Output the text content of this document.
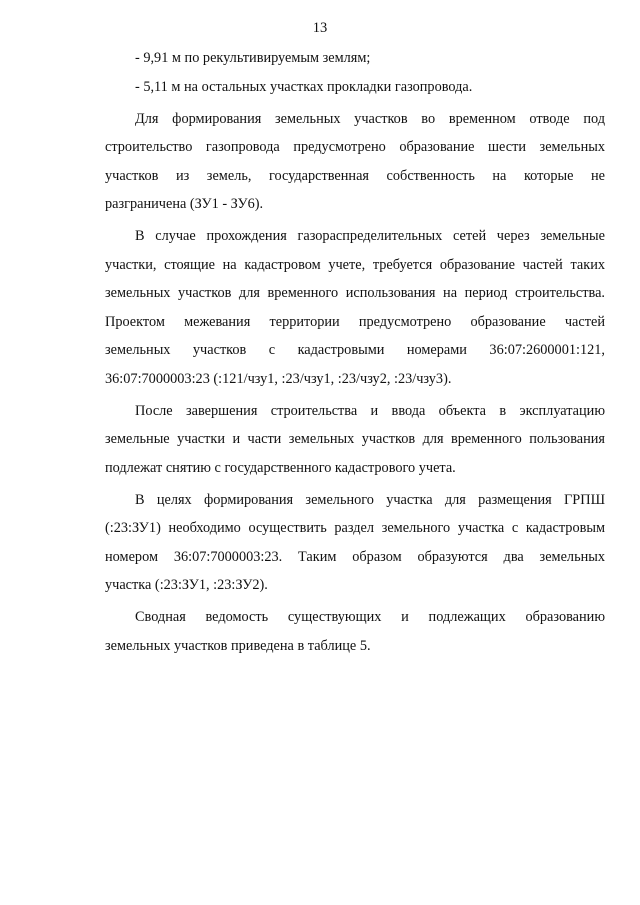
13
- 9,91 м по рекультивируемым землям;
- 5,11 м на остальных участках прокладки газопровода.
Для формирования земельных участков во временном отводе под
строительство газопровода предусмотрено образование шести земельных
участков из земель, государственная собственность на которые не
разграничена (ЗУ1 - ЗУ6).
В случае прохождения газораспределительных сетей через земельные
участки, стоящие на кадастровом учете, требуется образование частей таких
земельных участков для временного использования на период строительства.
Проектом межевания территории предусмотрено образование частей
земельных участков с кадастровыми номерами 36:07:2600001:121,
36:07:7000003:23 (:121/чзу1, :23/чзу1, :23/чзу2, :23/чзу3).
После завершения строительства и ввода объекта в эксплуатацию
земельные участки и части земельных участков для временного пользования
подлежат снятию с государственного кадастрового учета.
В целях формирования земельного участка для размещения ГРПШ
(:23:ЗУ1) необходимо осуществить раздел земельного участка с кадастровым
номером 36:07:7000003:23. Таким образом образуются два земельных
участка (:23:ЗУ1, :23:ЗУ2).
Сводная ведомость существующих и подлежащих образованию
земельных участков приведена в таблице 5.
